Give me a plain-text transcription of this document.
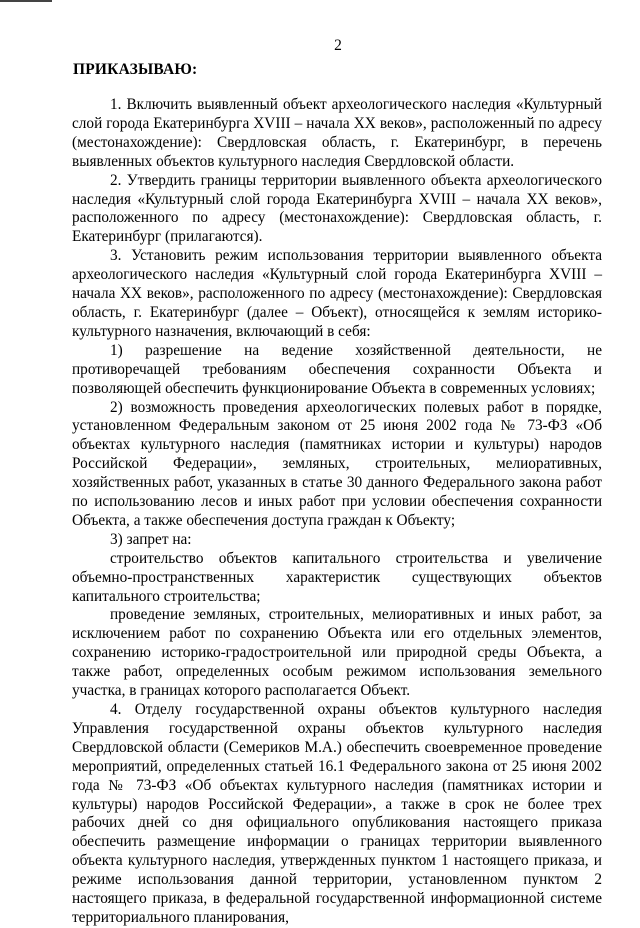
2
ПРИКАЗЫВАЮ:

1. Включить выявленный объект археологического наследия «Культурный слой города Екатеринбурга XVIII – начала XX веков», расположенный по адресу (местонахождение): Свердловская область, г. Екатеринбург, в перечень выявленных объектов культурного наследия Свердловской области.

2. Утвердить границы территории выявленного объекта археологического наследия «Культурный слой города Екатеринбурга XVIII – начала XX веков», расположенного по адресу (местонахождение): Свердловская область, г. Екатеринбург (прилагаются).

3. Установить режим использования территории выявленного объекта археологического наследия «Культурный слой города Екатеринбурга XVIII – начала XX веков», расположенного по адресу (местонахождение): Свердловская область, г. Екатеринбург (далее – Объект), относящейся к землям историко-культурного назначения, включающий в себя:

1) разрешение на ведение хозяйственной деятельности, не противоречащей требованиям обеспечения сохранности Объекта и позволяющей обеспечить функционирование Объекта в современных условиях;

2) возможность проведения археологических полевых работ в порядке, установленном Федеральным законом от 25 июня 2002 года № 73-ФЗ «Об объектах культурного наследия (памятниках истории и культуры) народов Российской Федерации», земляных, строительных, мелиоративных, хозяйственных работ, указанных в статье 30 данного Федерального закона работ по использованию лесов и иных работ при условии обеспечения сохранности Объекта, а также обеспечения доступа граждан к Объекту;

3) запрет на:

строительство объектов капитального строительства и увеличение объемно-пространственных характеристик существующих объектов капитального строительства;

проведение земляных, строительных, мелиоративных и иных работ, за исключением работ по сохранению Объекта или его отдельных элементов, сохранению историко-градостроительной или природной среды Объекта, а также работ, определенных особым режимом использования земельного участка, в границах которого располагается Объект.

4. Отделу государственной охраны объектов культурного наследия Управления государственной охраны объектов культурного наследия Свердловской области (Семериков М.А.) обеспечить своевременное проведение мероприятий, определенных статьей 16.1 Федерального закона от 25 июня 2002 года № 73-ФЗ «Об объектах культурного наследия (памятниках истории и культуры) народов Российской Федерации», а также в срок не более трех рабочих дней со дня официального опубликования настоящего приказа обеспечить размещение информации о границах территории выявленного объекта культурного наследия, утвержденных пунктом 1 настоящего приказа, и режиме использования данной территории, установленном пунктом 2 настоящего приказа, в федеральной государственной информационной системе территориального планирования,
